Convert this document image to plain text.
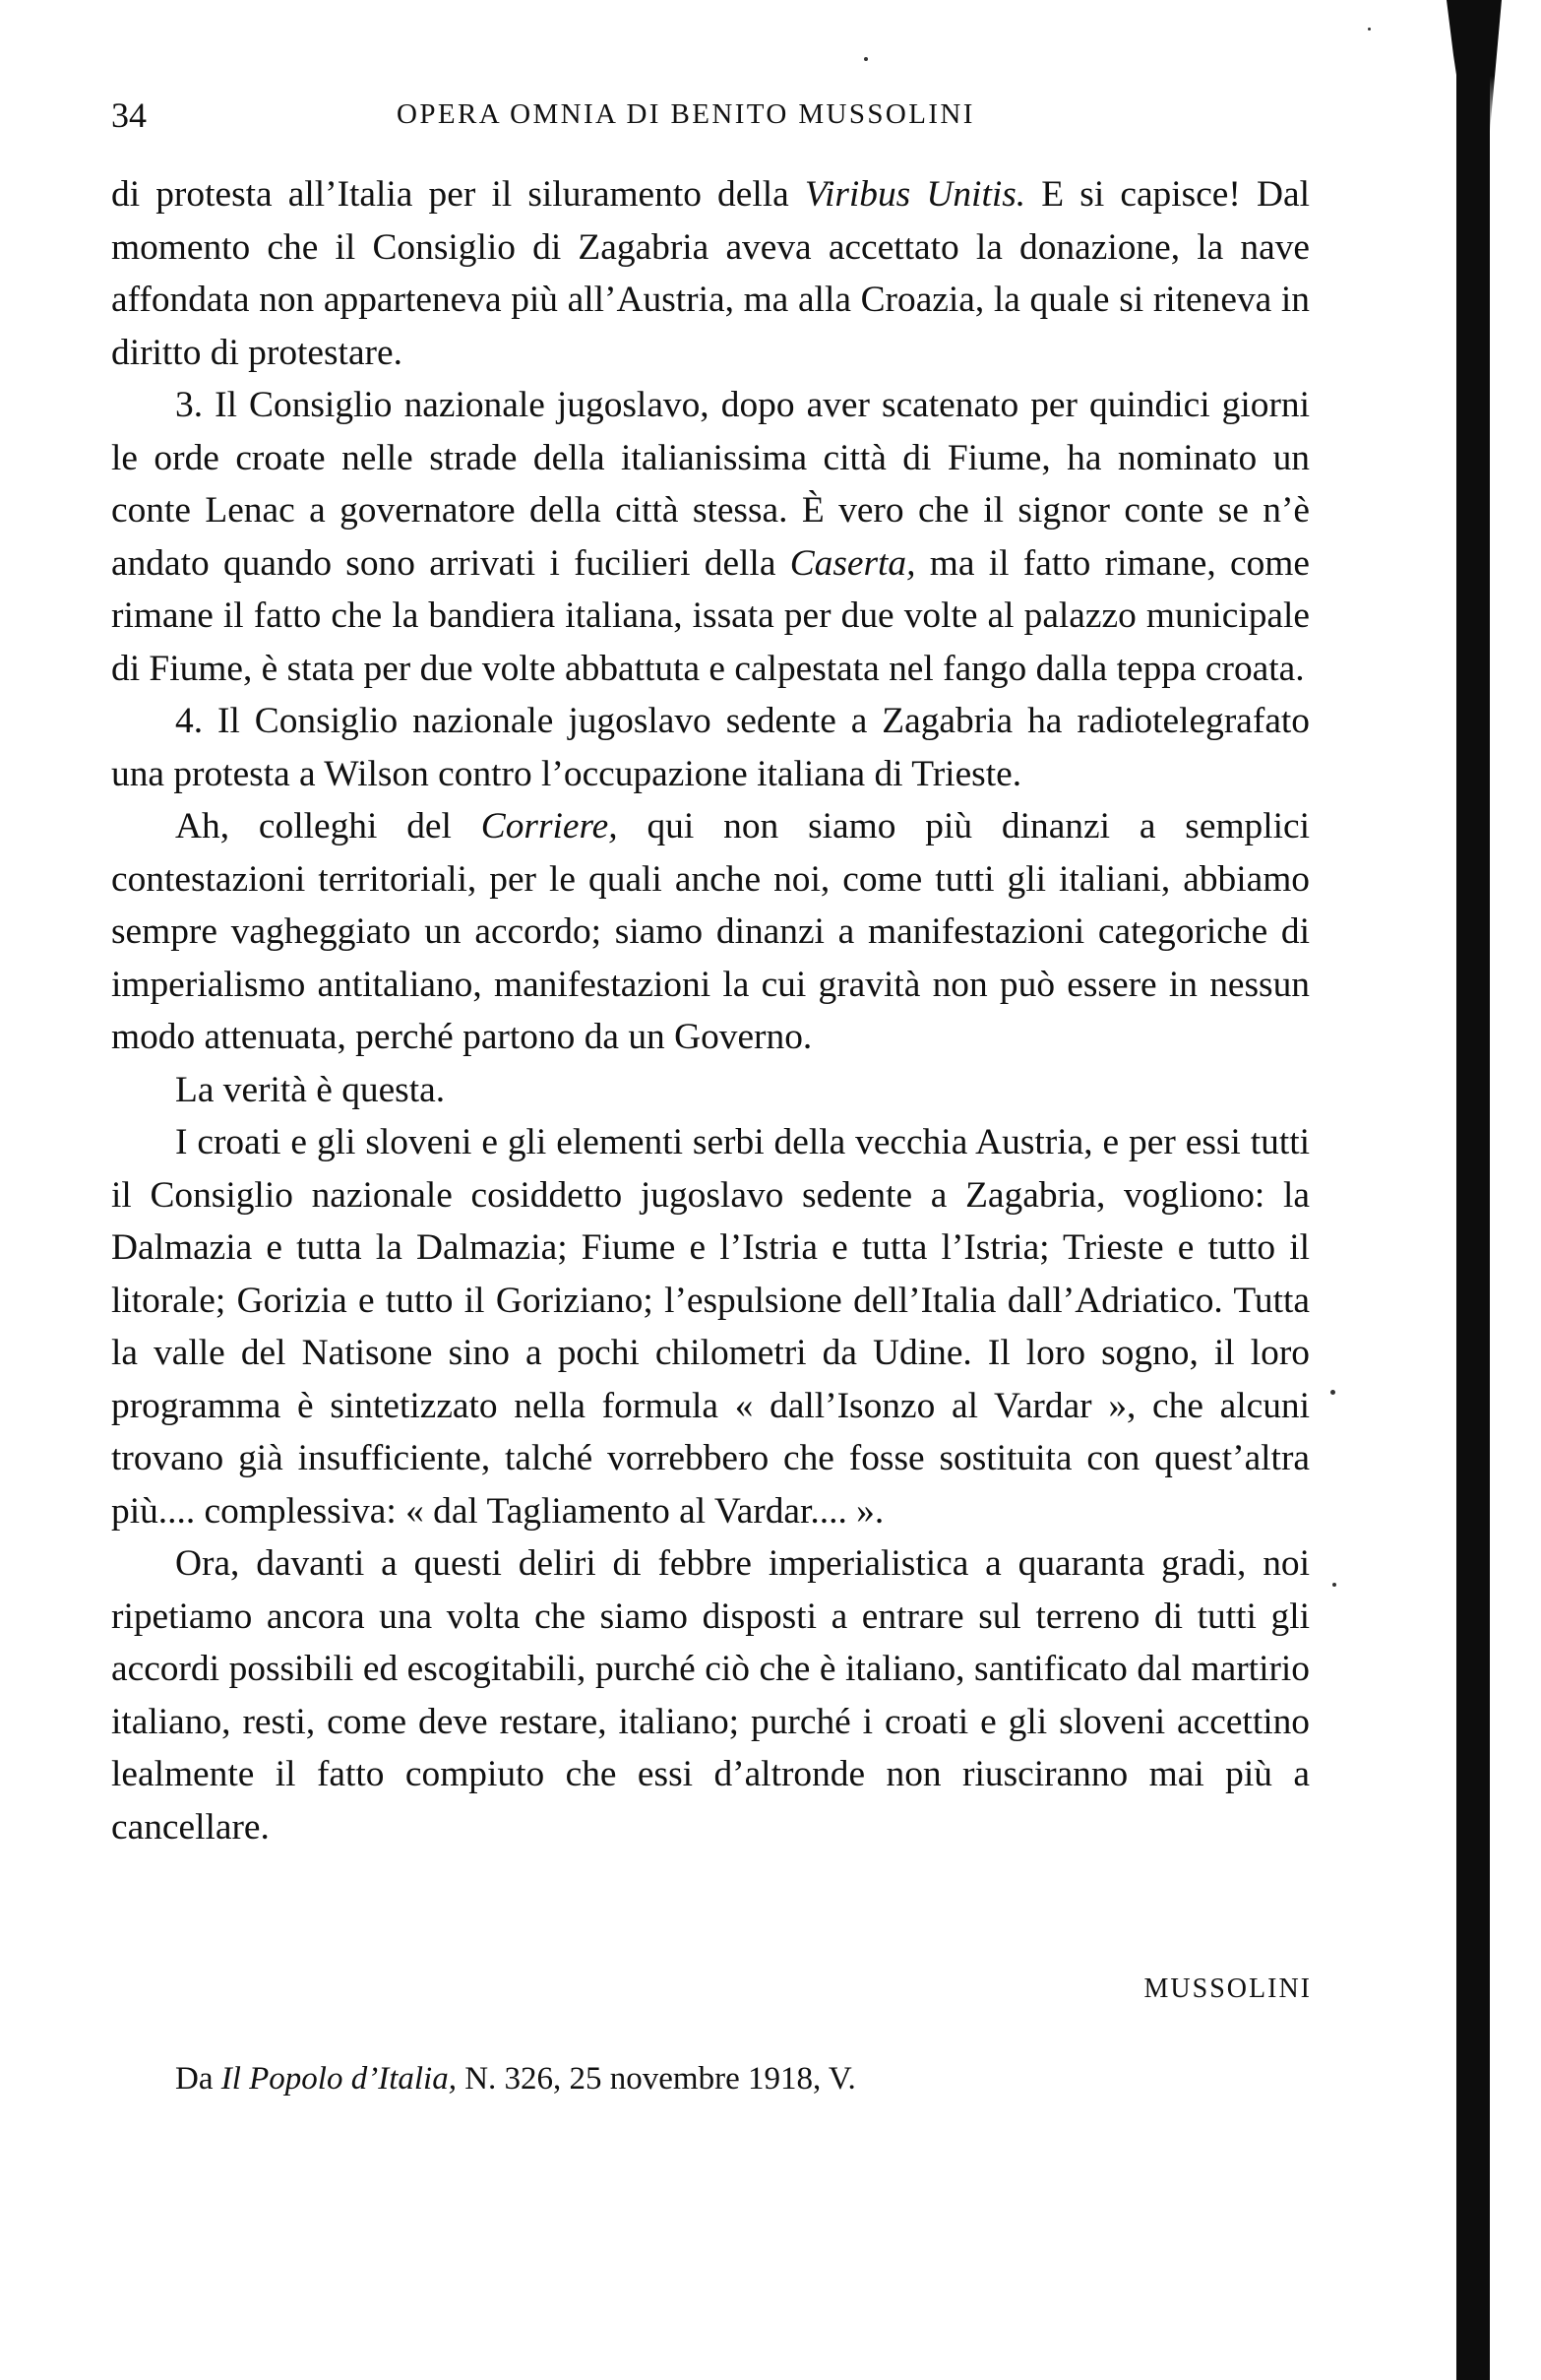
34	OPERA OMNIA DI BENITO MUSSOLINI

di protesta all’Italia per il siluramento della Viribus Unitis. E si capisce! Dal momento che il Consiglio di Zagabria aveva accettato la donazione, la nave affondata non apparteneva più all’Austria, ma alla Croazia, la quale si riteneva in diritto di protestare.

3. Il Consiglio nazionale jugoslavo, dopo aver scatenato per quindici giorni le orde croate nelle strade della italianissima città di Fiume, ha nominato un conte Lenac a governatore della città stessa. È vero che il signor conte se n’è andato quando sono arrivati i fucilieri della Caserta, ma il fatto rimane, come rimane il fatto che la bandiera italiana, issata per due volte al palazzo municipale di Fiume, è stata per due volte abbattuta e calpestata nel fango dalla teppa croata.

4. Il Consiglio nazionale jugoslavo sedente a Zagabria ha radiotelegrafato una protesta a Wilson contro l’occupazione italiana di Trieste.

Ah, colleghi del Corriere, qui non siamo più dinanzi a semplici contestazioni territoriali, per le quali anche noi, come tutti gli italiani, abbiamo sempre vagheggiato un accordo; siamo dinanzi a manifestazioni categoriche di imperialismo antitaliano, manifestazioni la cui gravità non può essere in nessun modo attenuata, perché partono da un Governo.

La verità è questa.

I croati e gli sloveni e gli elementi serbi della vecchia Austria, e per essi tutti il Consiglio nazionale cosiddetto jugoslavo sedente a Zagabria, vogliono: la Dalmazia e tutta la Dalmazia; Fiume e l’Istria e tutta l’Istria; Trieste e tutto il litorale; Gorizia e tutto il Goriziano; l’espulsione dell’Italia dall’Adriatico. Tutta la valle del Natisone sino a pochi chilometri da Udine. Il loro sogno, il loro programma è sintetizzato nella formula « dall’Isonzo al Vardar », che alcuni trovano già insufficiente, talché vorrebbero che fosse sostituita con quest’altra più.... complessiva: « dal Tagliamento al Vardar.... ».

Ora, davanti a questi deliri di febbre imperialistica a quaranta gradi, noi ripetiamo ancora una volta che siamo disposti a entrare sul terreno di tutti gli accordi possibili ed escogitabili, purché ciò che è italiano, santificato dal martirio italiano, resti, come deve restare, italiano; purché i croati e gli sloveni accettino lealmente il fatto compiuto che essi d’altronde non riusciranno mai più a cancellare.

MUSSOLINI
Da Il Popolo d’Italia, N. 326, 25 novembre 1918, V.
